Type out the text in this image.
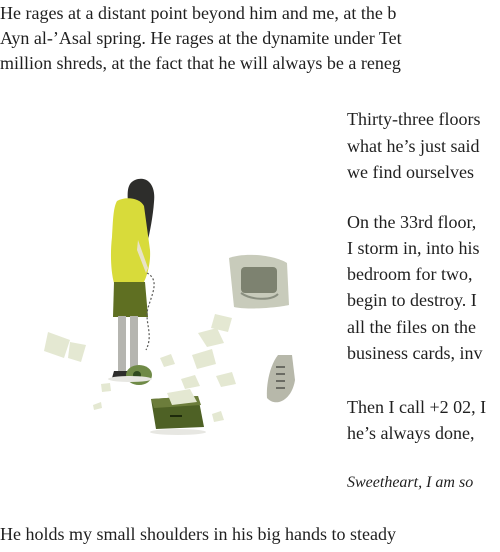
He rages at a distant point beyond him and me, at the b
Ayn al-’Asal spring. He rages at the dynamite under Tet
million shreds, at the fact that he will always be a reneg
Thirty-three floors
what he’s just said
we find ourselves
On the 33rd floor,
I storm in, into his
bedroom for two,
begin to destroy. I
all the files on the
business cards, inv
Then I call +2 02, I
he’s always done,
Sweetheart, I am so
He holds my small shoulders in his big hands to steady
